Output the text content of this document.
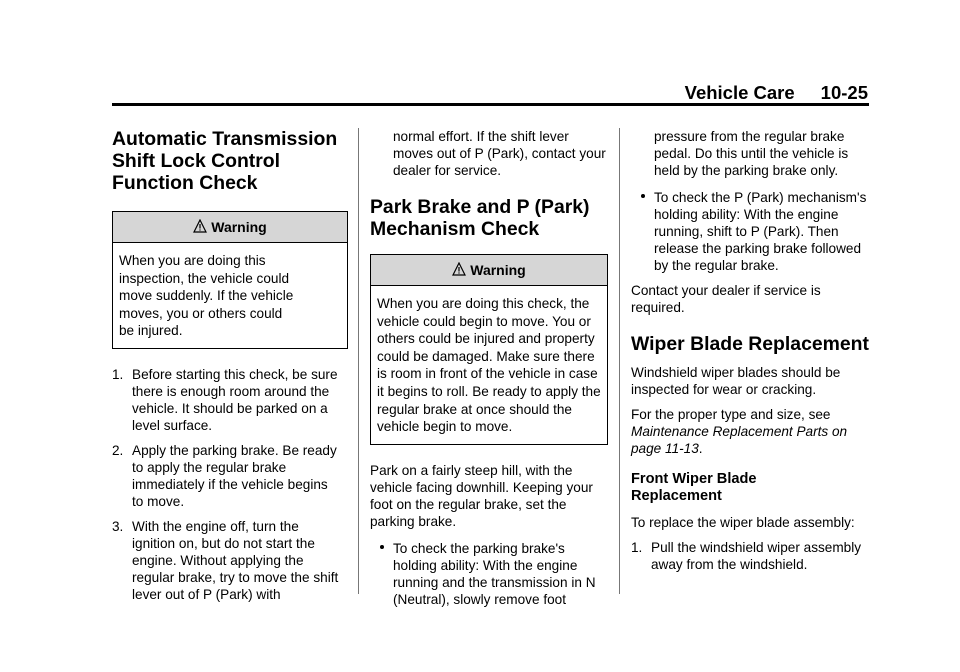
Vehicle Care 10-25
Automatic Transmission Shift Lock Control Function Check
Warning
When you are doing this inspection, the vehicle could move suddenly. If the vehicle moves, you or others could be injured.
1. Before starting this check, be sure there is enough room around the vehicle. It should be parked on a level surface.
2. Apply the parking brake. Be ready to apply the regular brake immediately if the vehicle begins to move.
3. With the engine off, turn the ignition on, but do not start the engine. Without applying the regular brake, try to move the shift lever out of P (Park) with

normal effort. If the shift lever moves out of P (Park), contact your dealer for service.

Park Brake and P (Park) Mechanism Check
Warning
When you are doing this check, the vehicle could begin to move. You or others could be injured and property could be damaged. Make sure there is room in front of the vehicle in case it begins to roll. Be ready to apply the regular brake at once should the vehicle begin to move.

Park on a fairly steep hill, with the vehicle facing downhill. Keeping your foot on the regular brake, set the parking brake.

To check the parking brake's holding ability: With the engine running and the transmission in N (Neutral), slowly remove foot

pressure from the regular brake pedal. Do this until the vehicle is held by the parking brake only.

To check the P (Park) mechanism's holding ability: With the engine running, shift to P (Park). Then release the parking brake followed by the regular brake.

Contact your dealer if service is required.

Wiper Blade Replacement

Windshield wiper blades should be inspected for wear or cracking.

For the proper type and size, see Maintenance Replacement Parts on page 11-13.

Front Wiper Blade Replacement

To replace the wiper blade assembly:

1. Pull the windshield wiper assembly away from the windshield.
